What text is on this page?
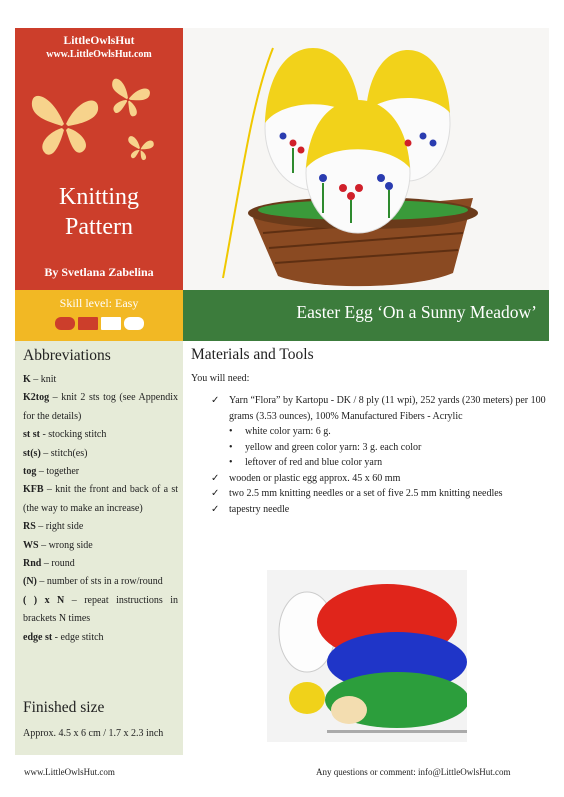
LittleOwlsHut
www.LittleOwlsHut.com
Knitting
Pattern
By Svetlana Zabelina
Skill level: Easy	Easter Egg ‘On a Sunny Meadow’
Abbreviations
K – knit
K2tog – knit 2 sts tog (see Appendix for the details)
st st - stocking stitch
st(s) – stitch(es)
tog – together
KFB – knit the front and back of a st (the way to make an increase)
RS – right side
WS – wrong side
Rnd – round
(N) – number of sts in a row/round
( ) x N – repeat instructions in brackets N times
edge st - edge stitch
Finished size
Approx. 4.5 x 6 cm / 1.7 x 2.3 inch
Materials and Tools
You will need:
✓ Yarn “Flora” by Kartopu - DK / 8 ply (11 wpi), 252 yards (230 meters) per 100 grams (3.53 ounces), 100% Manufactured Fibers - Acrylic
• white color yarn: 6 g.
• yellow and green color yarn: 3 g. each color
• leftover of red and blue color yarn
✓ wooden or plastic egg approx. 45 x 60 mm
✓ two 2.5 mm knitting needles or a set of five 2.5 mm knitting needles
✓ tapestry needle
www.LittleOwlsHut.com	Any questions or comment: info@LittleOwlsHut.com
